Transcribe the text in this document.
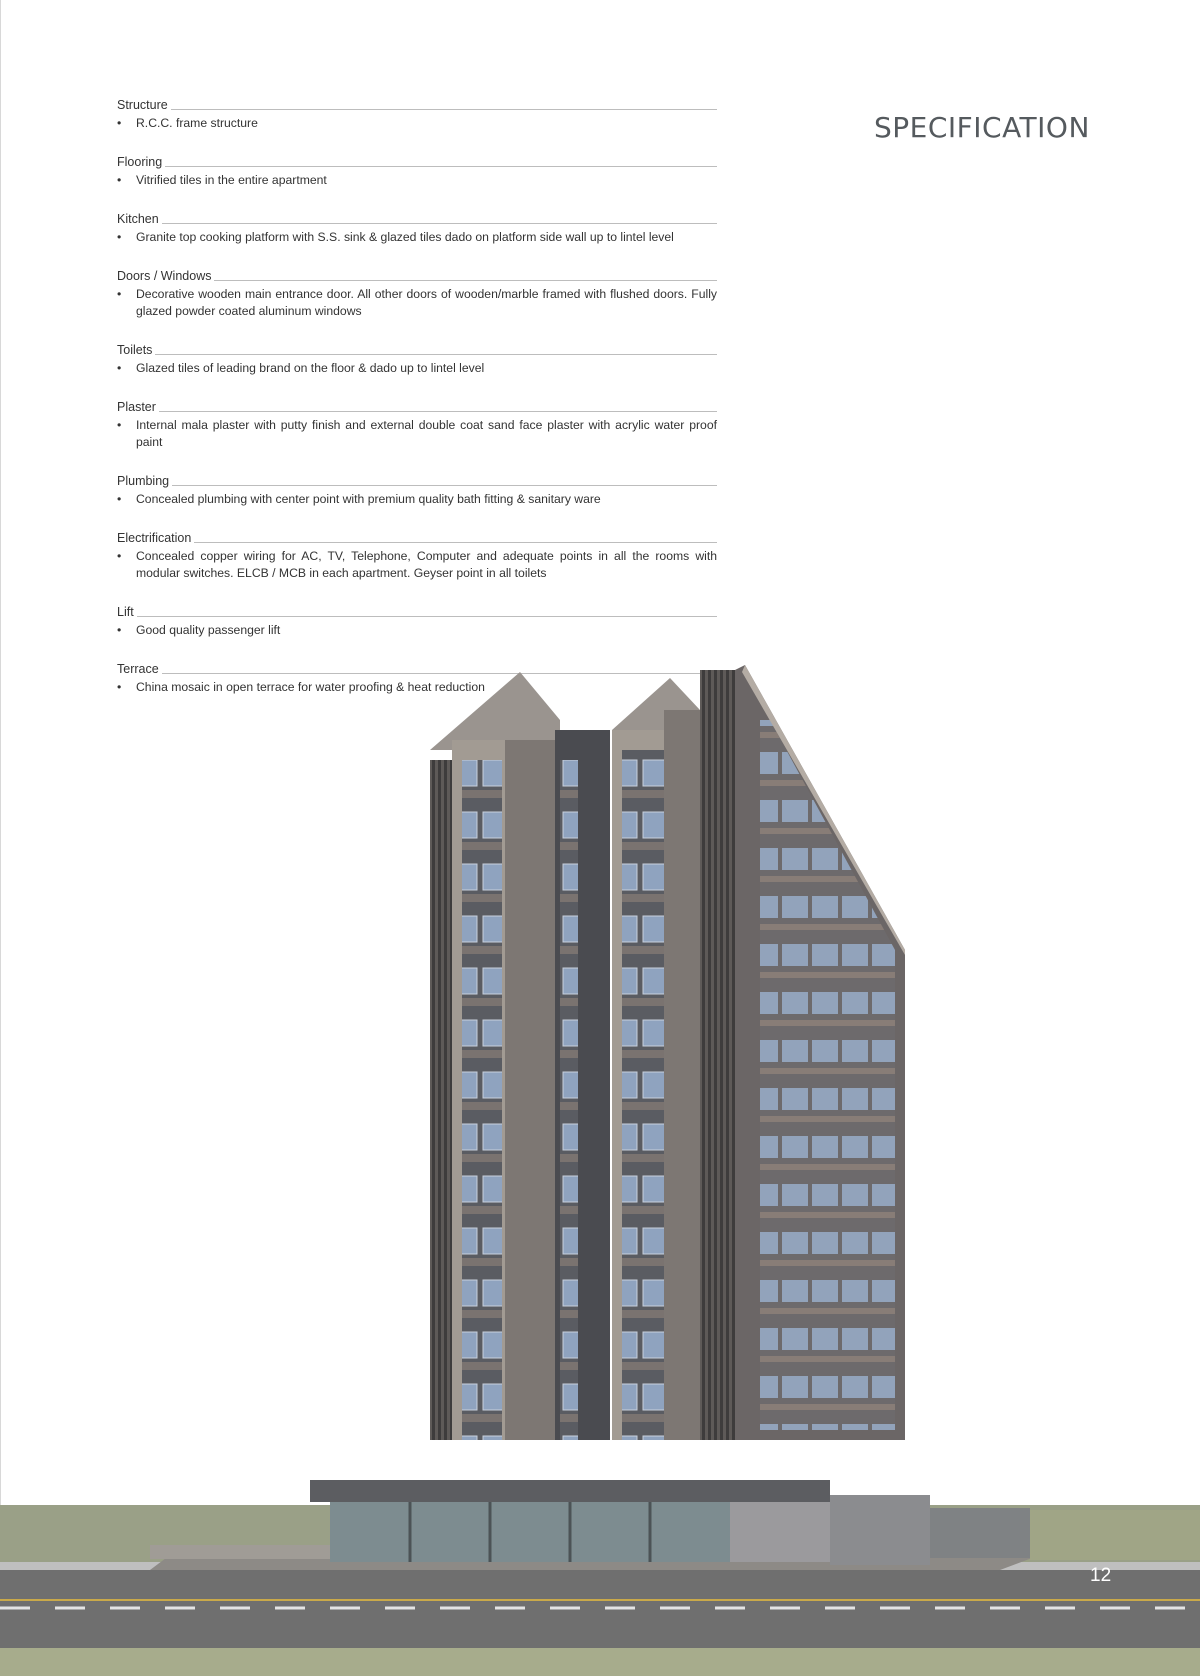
SPECIFICATION
Structure
• R.C.C. frame structure
Flooring
• Vitrified tiles in the entire apartment
Kitchen
• Granite top cooking platform with S.S. sink & glazed tiles dado on platform side wall up to lintel level
Doors / Windows
• Decorative wooden main entrance door. All other doors of wooden/marble framed with flushed doors. Fully glazed powder coated aluminum windows
Toilets
• Glazed tiles of leading brand on the floor & dado up to lintel level
Plaster
• Internal mala plaster with putty finish and external double coat sand face plaster with acrylic water proof paint
Plumbing
• Concealed plumbing with center point with premium quality bath fitting & sanitary ware
Electrification
• Concealed copper wiring for AC, TV, Telephone, Computer and adequate points in all the rooms with modular switches. ELCB / MCB in each apartment. Geyser point in all toilets
Lift
• Good quality passenger lift
Terrace
• China mosaic in open terrace for water proofing & heat reduction
12
